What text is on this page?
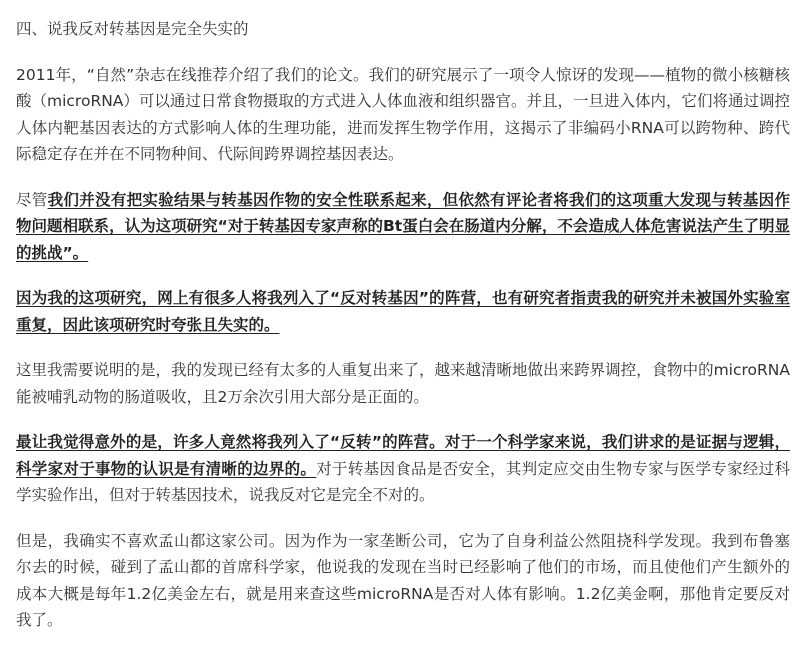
四、说我反对转基因是完全失实的

2011年，“自然”杂志在线推荐介绍了我们的论文。我们的研究展示了一项令人惊讶的发现——植物的微小核糖核酸（microRNA）可以通过日常食物摄取的方式进入人体血液和组织器官。并且，一旦进入体内，它们将通过调控人体内靶基因表达的方式影响人体的生理功能，进而发挥生物学作用，这揭示了非编码小RNA可以跨物种、跨代际稳定存在并在不同物种间、代际间跨界调控基因表达。

尽管我们并没有把实验结果与转基因作物的安全性联系起来，但依然有评论者将我们的这项重大发现与转基因作物问题相联系，认为这项研究“对于转基因专家声称的Bt蛋白会在肠道内分解，不会造成人体危害说法产生了明显的挑战”。

因为我的这项研究，网上有很多人将我列入了“反对转基因”的阵营，也有研究者指责我的研究并未被国外实验室重复，因此该项研究时夸张且失实的。

这里我需要说明的是，我的发现已经有太多的人重复出来了，越来越清晰地做出来跨界调控，食物中的microRNA能被哺乳动物的肠道吸收，且2万余次引用大部分是正面的。

最让我觉得意外的是，许多人竟然将我列入了“反转”的阵营。对于一个科学家来说，我们讲求的是证据与逻辑，科学家对于事物的认识是有清晰的边界的。对于转基因食品是否安全，其判定应交由生物专家与医学专家经过科学实验作出，但对于转基因技术，说我反对它是完全不对的。

但是，我确实不喜欢孟山都这家公司。因为作为一家垄断公司，它为了自身利益公然阻挠科学发现。我到布鲁塞尔去的时候，碰到了孟山都的首席科学家，他说我的发现在当时已经影响了他们的市场，而且使他们产生额外的成本大概是每年1.2亿美金左右，就是用来查这些microRNA是否对人体有影响。1.2亿美金啊，那他肯定要反对我了。
